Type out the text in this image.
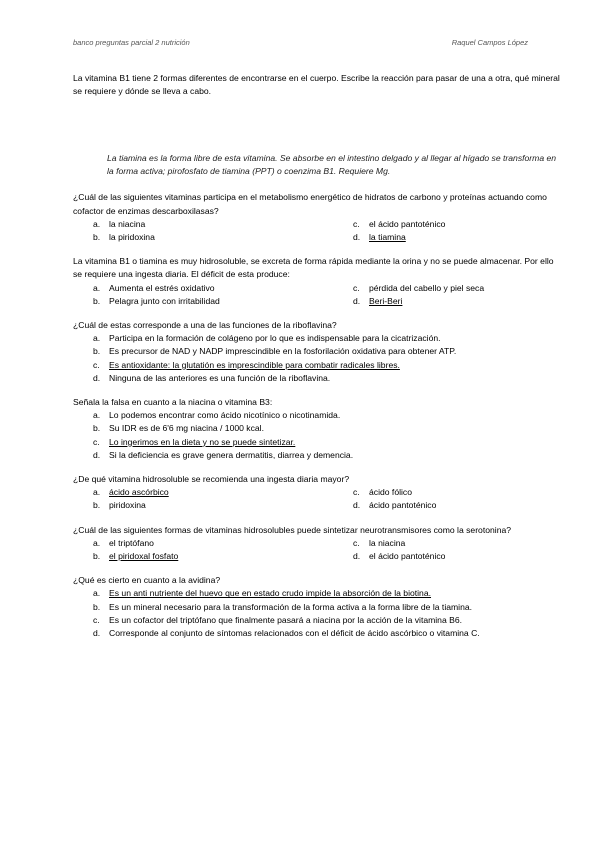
banco preguntas parcial 2 nutrición	Raquel Campos López

La vitamina B1 tiene 2 formas diferentes de encontrarse en el cuerpo. Escribe la reacción para pasar de una a otra, qué mineral se requiere y dónde se lleva a cabo.

La tiamina es la forma libre de esta vitamina. Se absorbe en el intestino delgado y al llegar al hígado se transforma en la forma activa; pirofosfato de tiamina (PPT) o coenzima B1. Requiere Mg.

¿Cuál de las siguientes vitaminas participa en el metabolismo energético de hidratos de carbono y proteínas actuando como cofactor de enzimas descarboxilasas?

a.	la niacina	c.	el ácido pantoténico
b.	la piridoxina	d.	la tiamina

La vitamina B1 o tiamina es muy hidrosoluble, se excreta de forma rápida mediante la orina y no se puede almacenar. Por ello se requiere una ingesta diaria. El déficit de esta produce:

a.	Aumenta el estrés oxidativo	c.	pérdida del cabello y piel seca
b.	Pelagra junto con irritabilidad	d.	Beri-Beri

¿Cuál de estas corresponde a una de las funciones de la riboflavina?

a.	Participa en la formación de colágeno por lo que es indispensable para la cicatrización.
b.	Es precursor de NAD y NADP imprescindible en la fosforilación oxidativa para obtener ATP.
c.	Es antioxidante: la glutatión es imprescindible para combatir radicales libres.
d.	Ninguna de las anteriores es una función de la riboflavina.

Señala la falsa en cuanto a la niacina o vitamina B3:

a.	Lo podemos encontrar como ácido nicotínico o nicotinamida.
b.	Su IDR es de 6'6 mg niacina / 1000 kcal.
c.	Lo ingerimos en la dieta y no se puede sintetizar.
d.	Si la deficiencia es grave genera dermatitis, diarrea y demencia.

¿De qué vitamina hidrosoluble se recomienda una ingesta diaria mayor?

a.	ácido ascórbico	c.	ácido fólico
b.	piridoxina	d.	ácido pantoténico

¿Cuál de las siguientes formas de vitaminas hidrosolubles puede sintetizar neurotransmisores como la serotonina?

a.	el triptófano	c.	la niacina
b.	el piridoxal fosfato	d.	el ácido pantoténico

¿Qué es cierto en cuanto a la avidina?

a.	Es un anti nutriente del huevo que en estado crudo impide la absorción de la biotina.
b.	Es un mineral necesario para la transformación de la forma activa a la forma libre de la tiamina.
c.	Es un cofactor del triptófano que finalmente pasará a niacina por la acción de la vitamina B6.
d.	Corresponde al conjunto de síntomas relacionados con el déficit de ácido ascórbico o vitamina C.
